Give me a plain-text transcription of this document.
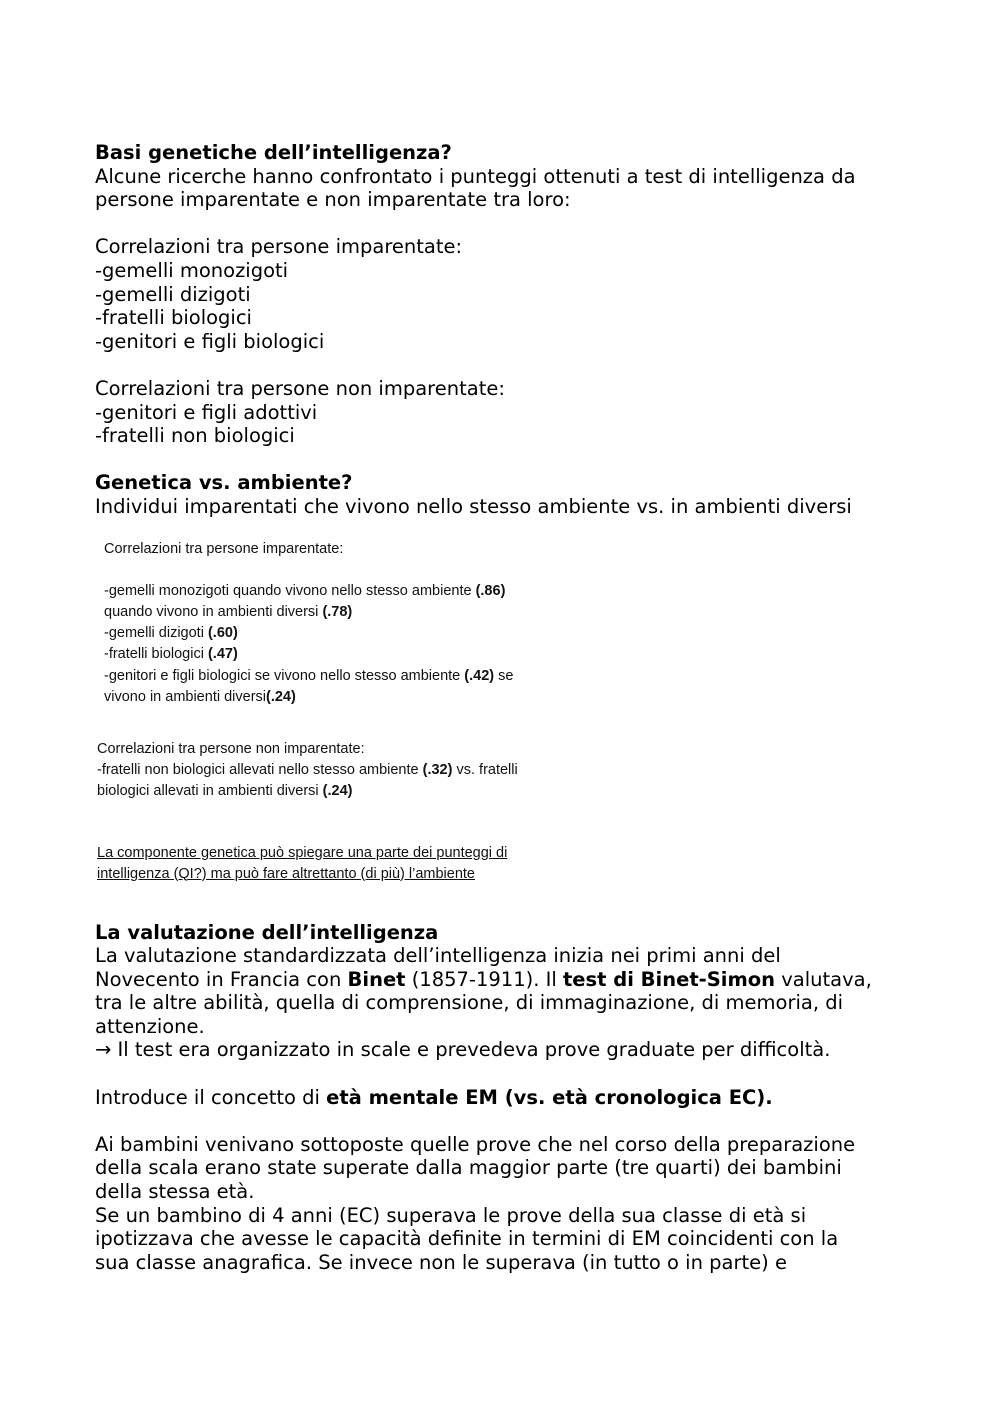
Basi genetiche dell’intelligenza?
Alcune ricerche hanno confrontato i punteggi ottenuti a test di intelligenza da
persone imparentate e non imparentate tra loro:
Correlazioni tra persone imparentate:
-gemelli monozigoti
-gemelli dizigoti
-fratelli biologici
-genitori e figli biologici
Correlazioni tra persone non imparentate:
-genitori e figli adottivi
-fratelli non biologici
Genetica vs. ambiente?
Individui imparentati che vivono nello stesso ambiente vs. in ambienti diversi
Correlazioni tra persone imparentate:
-gemelli monozigoti quando vivono nello stesso ambiente (.86)
quando vivono in ambienti diversi (.78)
-gemelli dizigoti (.60)
-fratelli biologici (.47)
-genitori e figli biologici se vivono nello stesso ambiente (.42) se
vivono in ambienti diversi(.24)
Correlazioni tra persone non imparentate:
-fratelli non biologici allevati nello stesso ambiente (.32) vs. fratelli
biologici allevati in ambienti diversi (.24)
La componente genetica può spiegare una parte dei punteggi di
intelligenza (QI?) ma può fare altrettanto (di più) l’ambiente
La valutazione dell’intelligenza
La valutazione standardizzata dell’intelligenza inizia nei primi anni del
Novecento in Francia con Binet (1857-1911). Il test di Binet-Simon valutava,
tra le altre abilità, quella di comprensione, di immaginazione, di memoria, di
attenzione.
→ Il test era organizzato in scale e prevedeva prove graduate per difficoltà.
Introduce il concetto di età mentale EM (vs. età cronologica EC).
Ai bambini venivano sottoposte quelle prove che nel corso della preparazione
della scala erano state superate dalla maggior parte (tre quarti) dei bambini
della stessa età.
Se un bambino di 4 anni (EC) superava le prove della sua classe di età si
ipotizzava che avesse le capacità definite in termini di EM coincidenti con la
sua classe anagrafica. Se invece non le superava (in tutto o in parte) e
